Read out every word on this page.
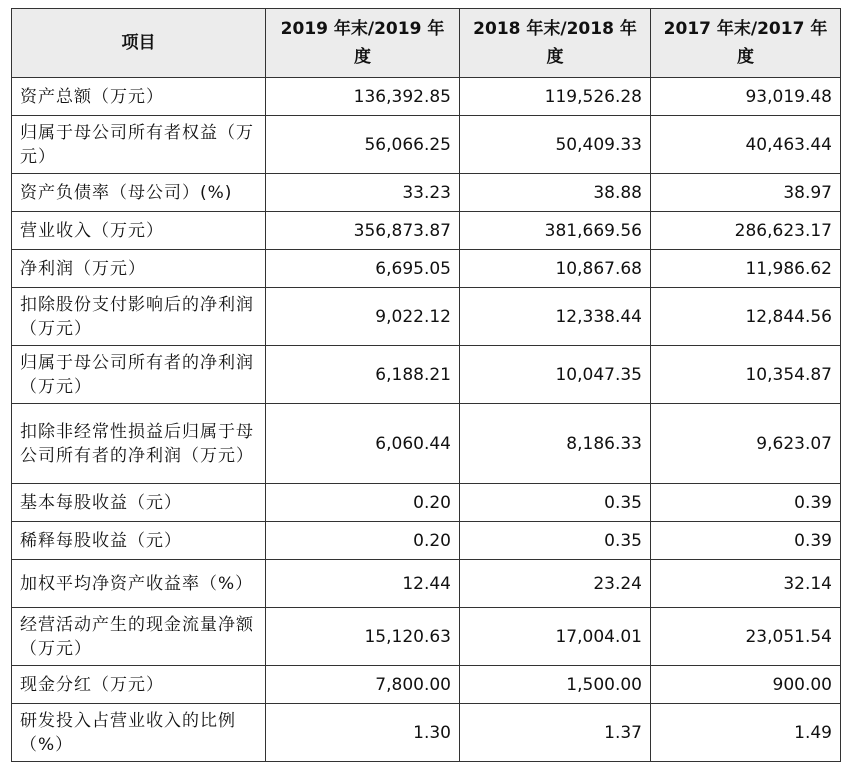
项目	2019 年末/2019 年度	2018 年末/2018 年度	2017 年末/2017 年度
资产总额（万元）	136,392.85	119,526.28	93,019.48
归属于母公司所有者权益（万元）	56,066.25	50,409.33	40,463.44
资产负债率（母公司）(%)	33.23	38.88	38.97
营业收入（万元）	356,873.87	381,669.56	286,623.17
净利润（万元）	6,695.05	10,867.68	11,986.62
扣除股份支付影响后的净利润（万元）	9,022.12	12,338.44	12,844.56
归属于母公司所有者的净利润（万元）	6,188.21	10,047.35	10,354.87
扣除非经常性损益后归属于母公司所有者的净利润（万元）	6,060.44	8,186.33	9,623.07
基本每股收益（元）	0.20	0.35	0.39
稀释每股收益（元）	0.20	0.35	0.39
加权平均净资产收益率（%）	12.44	23.24	32.14
经营活动产生的现金流量净额（万元）	15,120.63	17,004.01	23,051.54
现金分红（万元）	7,800.00	1,500.00	900.00
研发投入占营业收入的比例（%）	1.30	1.37	1.49
